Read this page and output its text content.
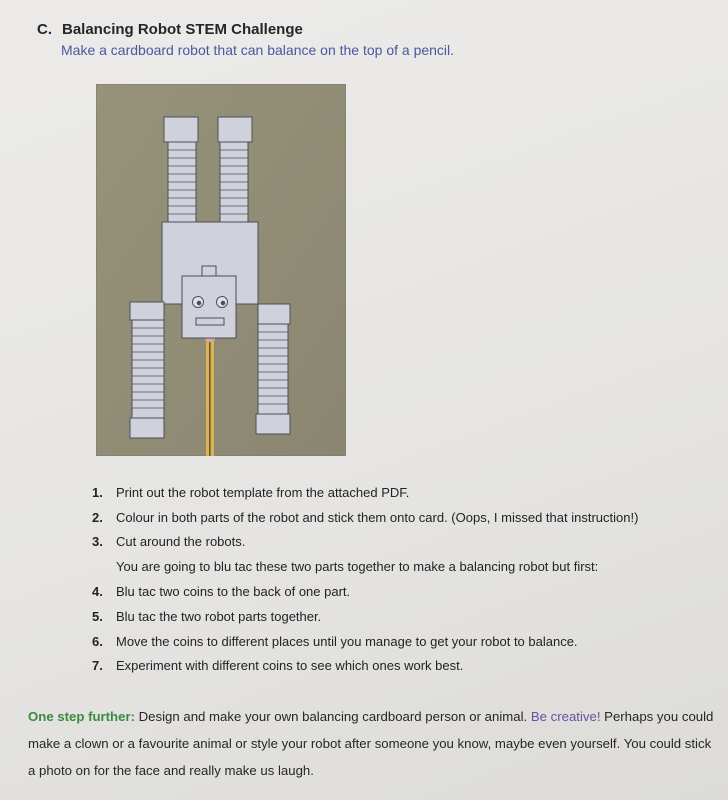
C. Balancing Robot STEM Challenge
Make a cardboard robot that can balance on the top of a pencil.
1.	Print out the robot template from the attached PDF.
2.	Colour in both parts of the robot and stick them onto card. (Oops, I missed that instruction!)
3.	Cut around the robots.
You are going to blu tac these two parts together to make a balancing robot but first:
4.	Blu tac two coins to the back of one part.
5.	Blu tac the two robot parts together.
6.	Move the coins to different places until you manage to get your robot to balance.
7.	Experiment with different coins to see which ones work best.

One step further: Design and make your own balancing cardboard person or animal. Be creative! Perhaps you could make a clown or a favourite animal or style your robot after someone you know, maybe even yourself. You could stick a photo on for the face and really make us laugh.
